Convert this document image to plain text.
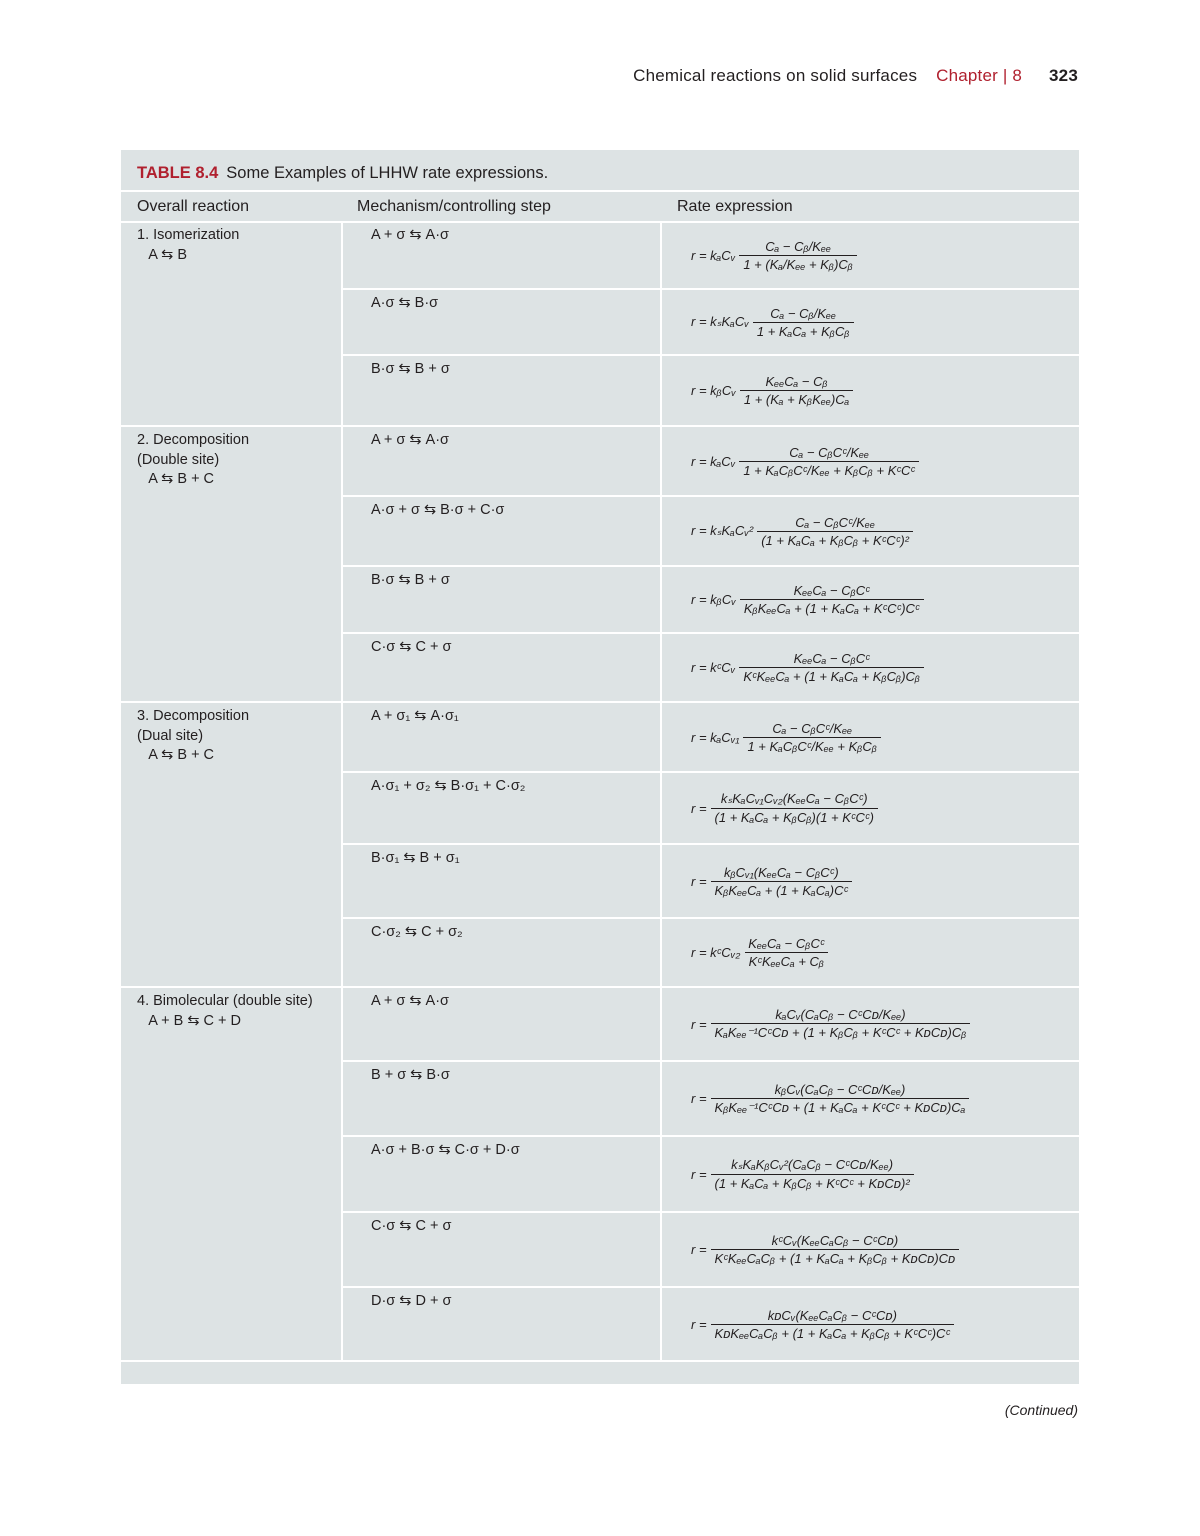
Chemical reactions on solid surfaces Chapter | 8 323
TABLE 8.4 Some Examples of LHHW rate expressions.
Overall reaction	Mechanism/controlling step	Rate expression
1. Isomerization
A ⇆ B
A + σ ⇆ A·σ
r = kₐCᵥ $\frac{\text{Cₐ − Cᵦ/Kₑₑ}}{\text{1 + (Kₐ/Kₑₑ + Kᵦ)Cᵦ}}$
A·σ ⇆ B·σ
r = kₛKₐCᵥ $\frac{\text{Cₐ − Cᵦ/Kₑₑ}}{\text{1 + KₐCₐ + KᵦCᵦ}}$
B·σ ⇆ B + σ
r = kᵦCᵥ $\frac{\text{KₑₑCₐ − Cᵦ}}{\text{1 + (Kₐ + KᵦKₑₑ)Cₐ}}$
2. Decomposition
(Double site)
A ⇆ B + C
A + σ ⇆ A·σ
r = kₐCᵥ $\frac{\text{Cₐ − CᵦCᶜ/Kₑₑ}}{\text{1 + KₐCᵦCᶜ/Kₑₑ + KᵦCᵦ + KᶜCᶜ}}$
A·σ + σ ⇆ B·σ + C·σ
r = kₛKₐCᵥ² $\frac{\text{Cₐ − CᵦCᶜ/Kₑₑ}}{\text{(1 + KₐCₐ + KᵦCᵦ + KᶜCᶜ)²}}$
B·σ ⇆ B + σ
r = kᵦCᵥ $\frac{\text{KₑₑCₐ − CᵦCᶜ}}{\text{KᵦKₑₑCₐ + (1 + KₐCₐ + KᶜCᶜ)Cᶜ}}$
C·σ ⇆ C + σ
r = kᶜCᵥ $\frac{\text{KₑₑCₐ − CᵦCᶜ}}{\text{KᶜKₑₑCₐ + (1 + KₐCₐ + KᵦCᵦ)Cᵦ}}$
3. Decomposition
(Dual site)
A ⇆ B + C
A + σ₁ ⇆ A·σ₁
r = kₐCᵥ₁ $\frac{\text{Cₐ − CᵦCᶜ/Kₑₑ}}{\text{1 + KₐCᵦCᶜ/Kₑₑ + KᵦCᵦ}}$
A·σ₁ + σ₂ ⇆ B·σ₁ + C·σ₂
$r = \frac{\text{kₛKₐCᵥ₁Cᵥ₂(KₑₑCₐ − CᵦCᶜ)}}{\text{(1 + KₐCₐ + KᵦCᵦ)(1 + KᶜCᶜ)}}$
B·σ₁ ⇆ B + σ₁
$r = \frac{\text{kᵦCᵥ₁(KₑₑCₐ − CᵦCᶜ)}}{\text{KᵦKₑₑCₐ + (1 + KₐCₐ)Cᶜ}}$
C·σ₂ ⇆ C + σ₂
r = kᶜCᵥ₂ $\frac{\text{KₑₑCₐ − CᵦCᶜ}}{\text{KᶜKₑₑCₐ + Cᵦ}}$
4. Bimolecular (double site)
A + B ⇆ C + D
A + σ ⇆ A·σ
$r = \frac{\text{kₐCᵥ(CₐCᵦ − CᶜCᴅ/Kₑₑ)}}{\text{KₐKₑₑ⁻¹CᶜCᴅ + (1 + KᵦCᵦ + KᶜCᶜ + KᴅCᴅ)Cᵦ}}$
B + σ ⇆ B·σ
$r = \frac{\text{kᵦCᵥ(CₐCᵦ − CᶜCᴅ/Kₑₑ)}}{\text{KᵦKₑₑ⁻¹CᶜCᴅ + (1 + KₐCₐ + KᶜCᶜ + KᴅCᴅ)Cₐ}}$
A·σ + B·σ ⇆ C·σ + D·σ
$r = \frac{\text{kₛKₐKᵦCᵥ²(CₐCᵦ − CᶜCᴅ/Kₑₑ)}}{\text{(1 + KₐCₐ + KᵦCᵦ + KᶜCᶜ + KᴅCᴅ)²}}$
C·σ ⇆ C + σ
$r = \frac{\text{kᶜCᵥ(KₑₑCₐCᵦ − CᶜCᴅ)}}{\text{KᶜKₑₑCₐCᵦ + (1 + KₐCₐ + KᵦCᵦ + KᴅCᴅ)Cᴅ}}$
D·σ ⇆ D + σ
$r = \frac{\text{kᴅCᵥ(KₑₑCₐCᵦ − CᶜCᴅ)}}{\text{KᴅKₑₑCₐCᵦ + (1 + KₐCₐ + KᵦCᵦ + KᶜCᶜ)Cᶜ}}$
(Continued)
